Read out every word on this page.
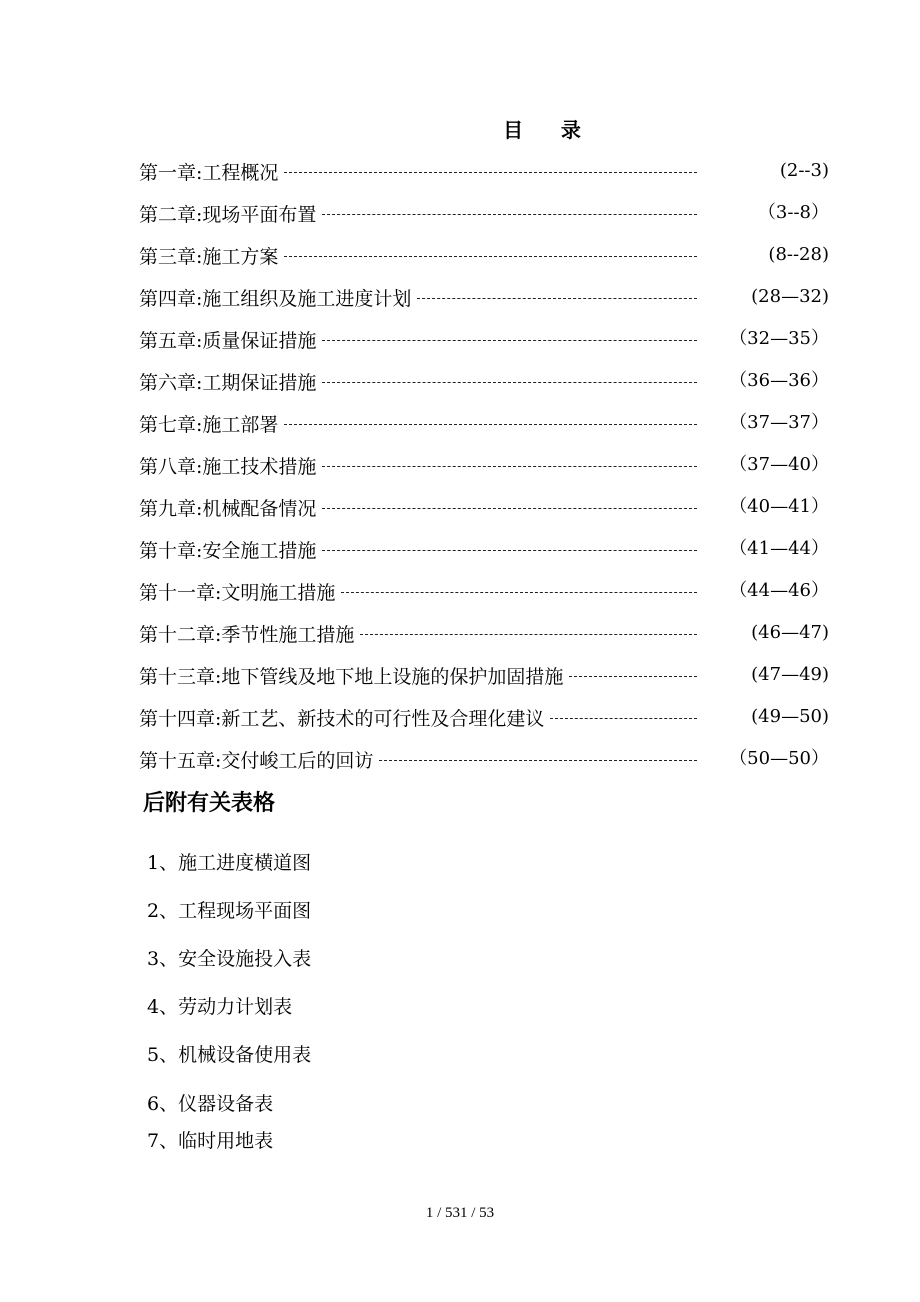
目    录
第一章:工程概况	(2--3)
第二章:现场平面布置	（3--8）
第三章:施工方案	(8--28)
第四章:施工组织及施工进度计划	(28—32)
第五章:质量保证措施	（32—35）
第六章:工期保证措施	（36—36）
第七章:施工部署	（37—37）
第八章:施工技术措施	（37—40）
第九章:机械配备情况	（40—41）
第十章:安全施工措施	（41—44）
第十一章:文明施工措施	（44—46）
第十二章:季节性施工措施	(46—47)
第十三章:地下管线及地下地上设施的保护加固措施	(47—49)
第十四章:新工艺、新技术的可行性及合理化建议	(49—50)
第十五章:交付峻工后的回访	（50—50）
后附有关表格
1、施工进度横道图
2、工程现场平面图
3、安全设施投入表
4、劳动力计划表
5、机械设备使用表
6、仪器设备表
7、临时用地表
1 / 531 / 53
